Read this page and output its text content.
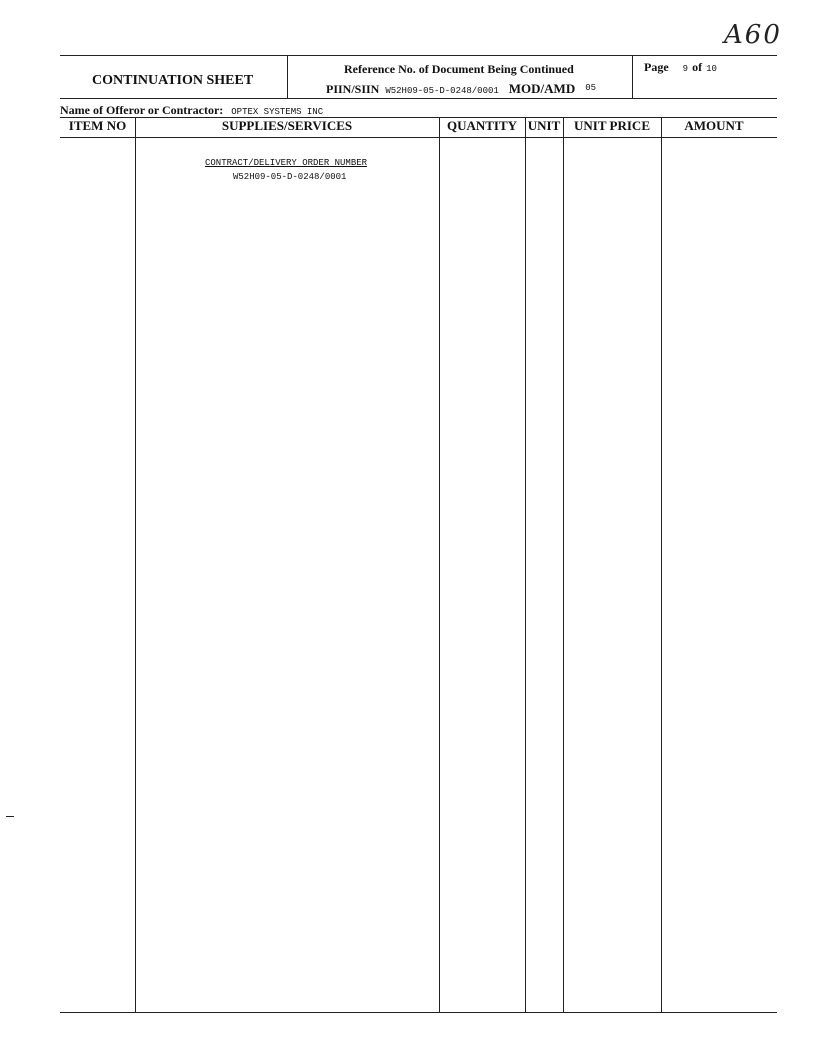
A60
CONTINUATION SHEET
Reference No. of Document Being Continued
PIIN/SIIN W52H09-05-D-0248/0001 MOD/AMD 05
Page 9 of 10
Name of Offeror or Contractor: OPTEX SYSTEMS INC
ITEM NO	SUPPLIES/SERVICES	QUANTITY UNIT	UNIT PRICE	AMOUNT
CONTRACT/DELIVERY ORDER NUMBER
W52H09-05-D-0248/0001
